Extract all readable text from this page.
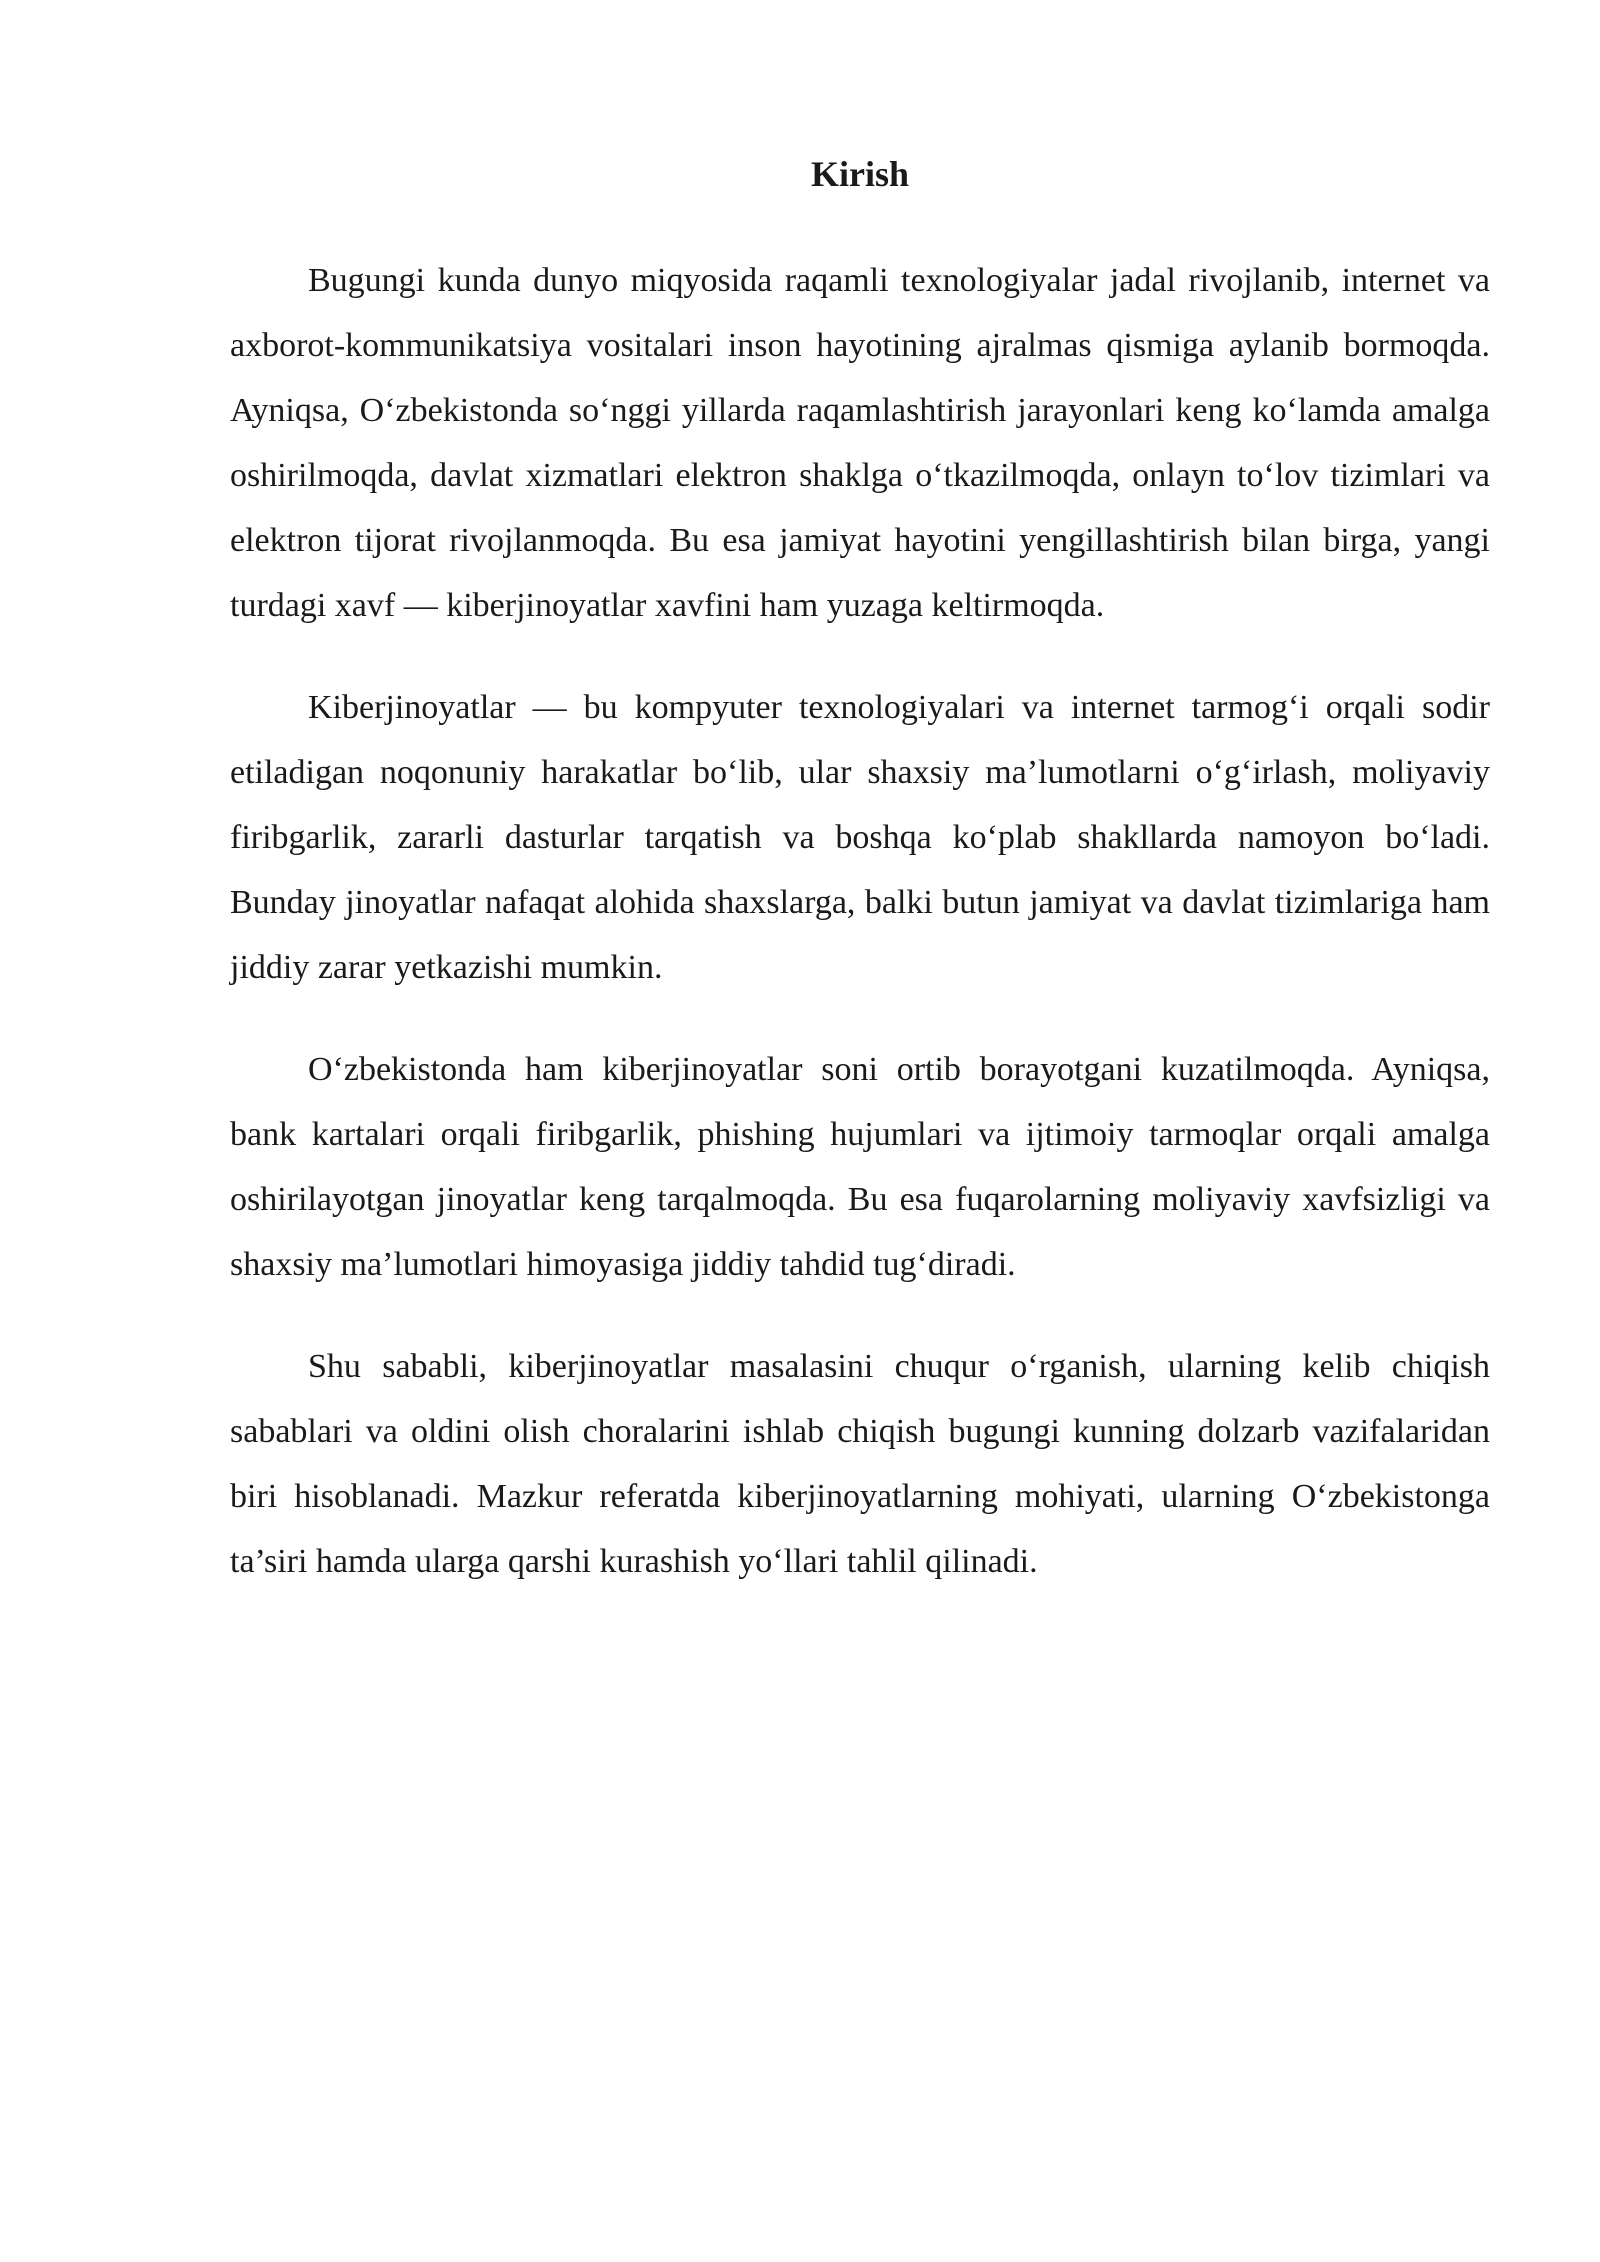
Kirish

Bugungi kunda dunyo miqyosida raqamli texnologiyalar jadal rivojlanib, internet va axborot-kommunikatsiya vositalari inson hayotining ajralmas qismiga aylanib bormoqda. Ayniqsa, O‘zbekistonda so‘nggi yillarda raqamlashtirish jarayonlari keng ko‘lamda amalga oshirilmoqda, davlat xizmatlari elektron shaklga o‘tkazilmoqda, onlayn to‘lov tizimlari va elektron tijorat rivojlanmoqda. Bu esa jamiyat hayotini yengillashtirish bilan birga, yangi turdagi xavf — kiberjinoyatlar xavfini ham yuzaga keltirmoqda.

Kiberjinoyatlar — bu kompyuter texnologiyalari va internet tarmog‘i orqali sodir etiladigan noqonuniy harakatlar bo‘lib, ular shaxsiy ma’lumotlarni o‘g‘irlash, moliyaviy firibgarlik, zararli dasturlar tarqatish va boshqa ko‘plab shakllarda namoyon bo‘ladi. Bunday jinoyatlar nafaqat alohida shaxslarga, balki butun jamiyat va davlat tizimlariga ham jiddiy zarar yetkazishi mumkin.

O‘zbekistonda ham kiberjinoyatlar soni ortib borayotgani kuzatilmoqda. Ayniqsa, bank kartalari orqali firibgarlik, phishing hujumlari va ijtimoiy tarmoqlar orqali amalga oshirilayotgan jinoyatlar keng tarqalmoqda. Bu esa fuqarolarning moliyaviy xavfsizligi va shaxsiy ma’lumotlari himoyasiga jiddiy tahdid tug‘diradi.

Shu sababli, kiberjinoyatlar masalasini chuqur o‘rganish, ularning kelib chiqish sabablari va oldini olish choralarini ishlab chiqish bugungi kunning dolzarb vazifalaridan biri hisoblanadi. Mazkur referatda kiberjinoyatlarning mohiyati, ularning O‘zbekistonga ta’siri hamda ularga qarshi kurashish yo‘llari tahlil qilinadi.
